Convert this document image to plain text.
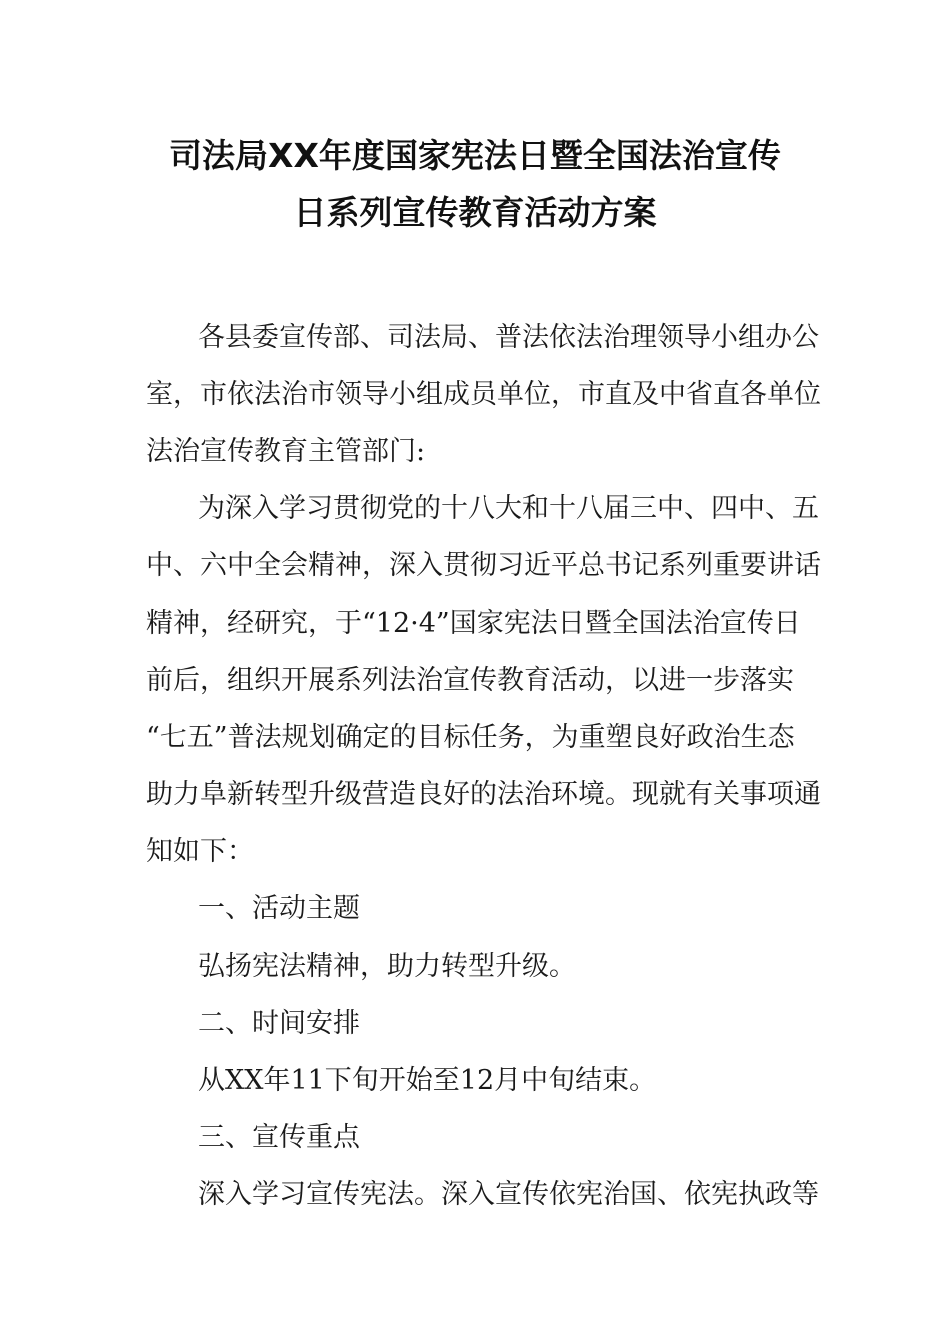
司法局XX年度国家宪法日暨全国法治宣传
日系列宣传教育活动方案
各县委宣传部、司法局、普法依法治理领导小组办公
室，市依法治市领导小组成员单位，市直及中省直各单位
法治宣传教育主管部门:
为深入学习贯彻党的十八大和十八届三中、四中、五
中、六中全会精神，深入贯彻习近平总书记系列重要讲话
精神，经研究，于“12·4”国家宪法日暨全国法治宣传日
前后，组织开展系列法治宣传教育活动，以进一步落实
“七五”普法规划确定的目标任务，为重塑良好政治生态
助力阜新转型升级营造良好的法治环境。现就有关事项通
知如下：
一、活动主题
弘扬宪法精神，助力转型升级。
二、时间安排
从XX年11下旬开始至12月中旬结束。
三、宣传重点
深入学习宣传宪法。深入宣传依宪治国、依宪执政等
